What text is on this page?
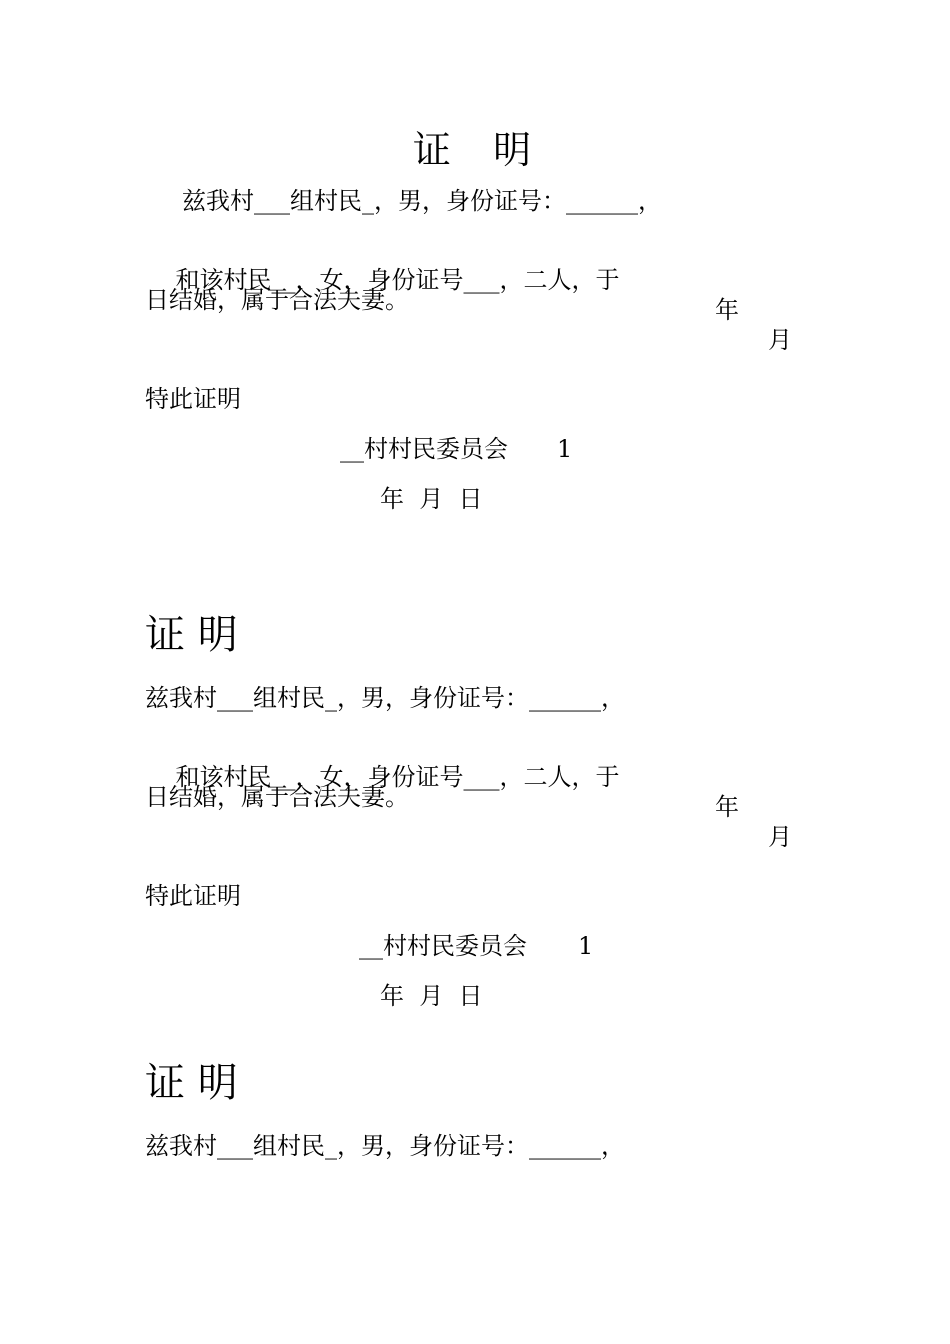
证  明
兹我村___组村民_，男，身份证号：______，

和该村民__，女，身份证号___，二人，于

年

月

日结婚，属于合法夫妻。
特此证明
__村村民委员会 1
年  月  日
证 明
兹我村___组村民_，男，身份证号：______，

和该村民__，女，身份证号___，二人，于

年

月

日结婚，属于合法夫妻。
特此证明
__村村民委员会 1
年  月  日
证 明
兹我村___组村民_，男，身份证号：______，
